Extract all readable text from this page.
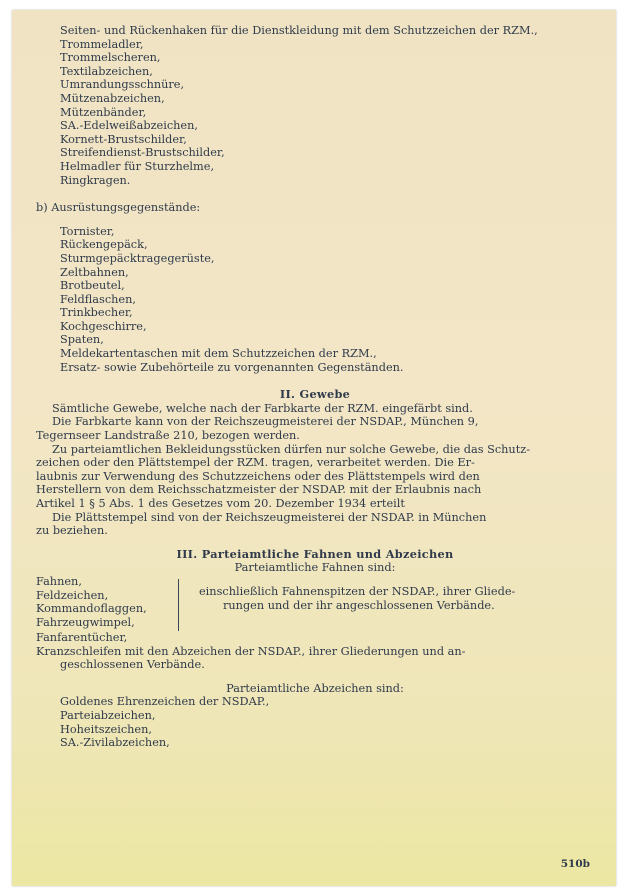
Seiten- und Rückenhaken für die Dienstkleidung mit dem Schutzzeichen der RZM.,
Trommeladler,
Trommelscheren,
Textilabzeichen,
Umrandungsschnüre,
Mützenabzeichen,
Mützenbänder,
SA.-Edelweißabzeichen,
Kornett-Brustschilder,
Streifendienst-Brustschilder,
Helmadler für Sturzhelme,
Ringkragen.
b) Ausrüstungsgegenstände:
Tornister,
Rückengepäck,
Sturmgepäcktragegerüste,
Zeltbahnen,
Brotbeutel,
Feldflaschen,
Trinkbecher,
Kochgeschirre,
Spaten,
Meldekartentaschen mit dem Schutzzeichen der RZM.,
Ersatz- sowie Zubehörteile zu vorgenannten Gegenständen.
II. Gewebe
Sämtliche Gewebe, welche nach der Farbkarte der RZM. eingefärbt sind.
Die Farbkarte kann von der Reichszeugmeisterei der NSDAP., München 9,
Tegernseer Landstraße 210, bezogen werden.
Zu parteiamtlichen Bekleidungsstücken dürfen nur solche Gewebe, die das Schutz-
zeichen oder den Plättstempel der RZM. tragen, verarbeitet werden. Die Er-
laubnis zur Verwendung des Schutzzeichens oder des Plättstempels wird den
Herstellern von dem Reichsschatzmeister der NSDAP. mit der Erlaubnis nach
Artikel 1 § 5 Abs. 1 des Gesetzes vom 20. Dezember 1934 erteilt
Die Plättstempel sind von der Reichszeugmeisterei der NSDAP. in München
zu beziehen.
III. Parteiamtliche Fahnen und Abzeichen
Parteiamtliche Fahnen sind:
Fahnen,
Feldzeichen,
Kommandoflaggen,
Fahrzeugwimpel,
einschließlich Fahnenspitzen der NSDAP., ihrer Gliede-
rungen und der ihr angeschlossenen Verbände.
Fanfarentücher,
Kranzschleifen mit den Abzeichen der NSDAP., ihrer Gliederungen und an-
geschlossenen Verbände.
Parteiamtliche Abzeichen sind:
Goldenes Ehrenzeichen der NSDAP.,
Parteiabzeichen,
Hoheitszeichen,
SA.-Zivilabzeichen,
510b
